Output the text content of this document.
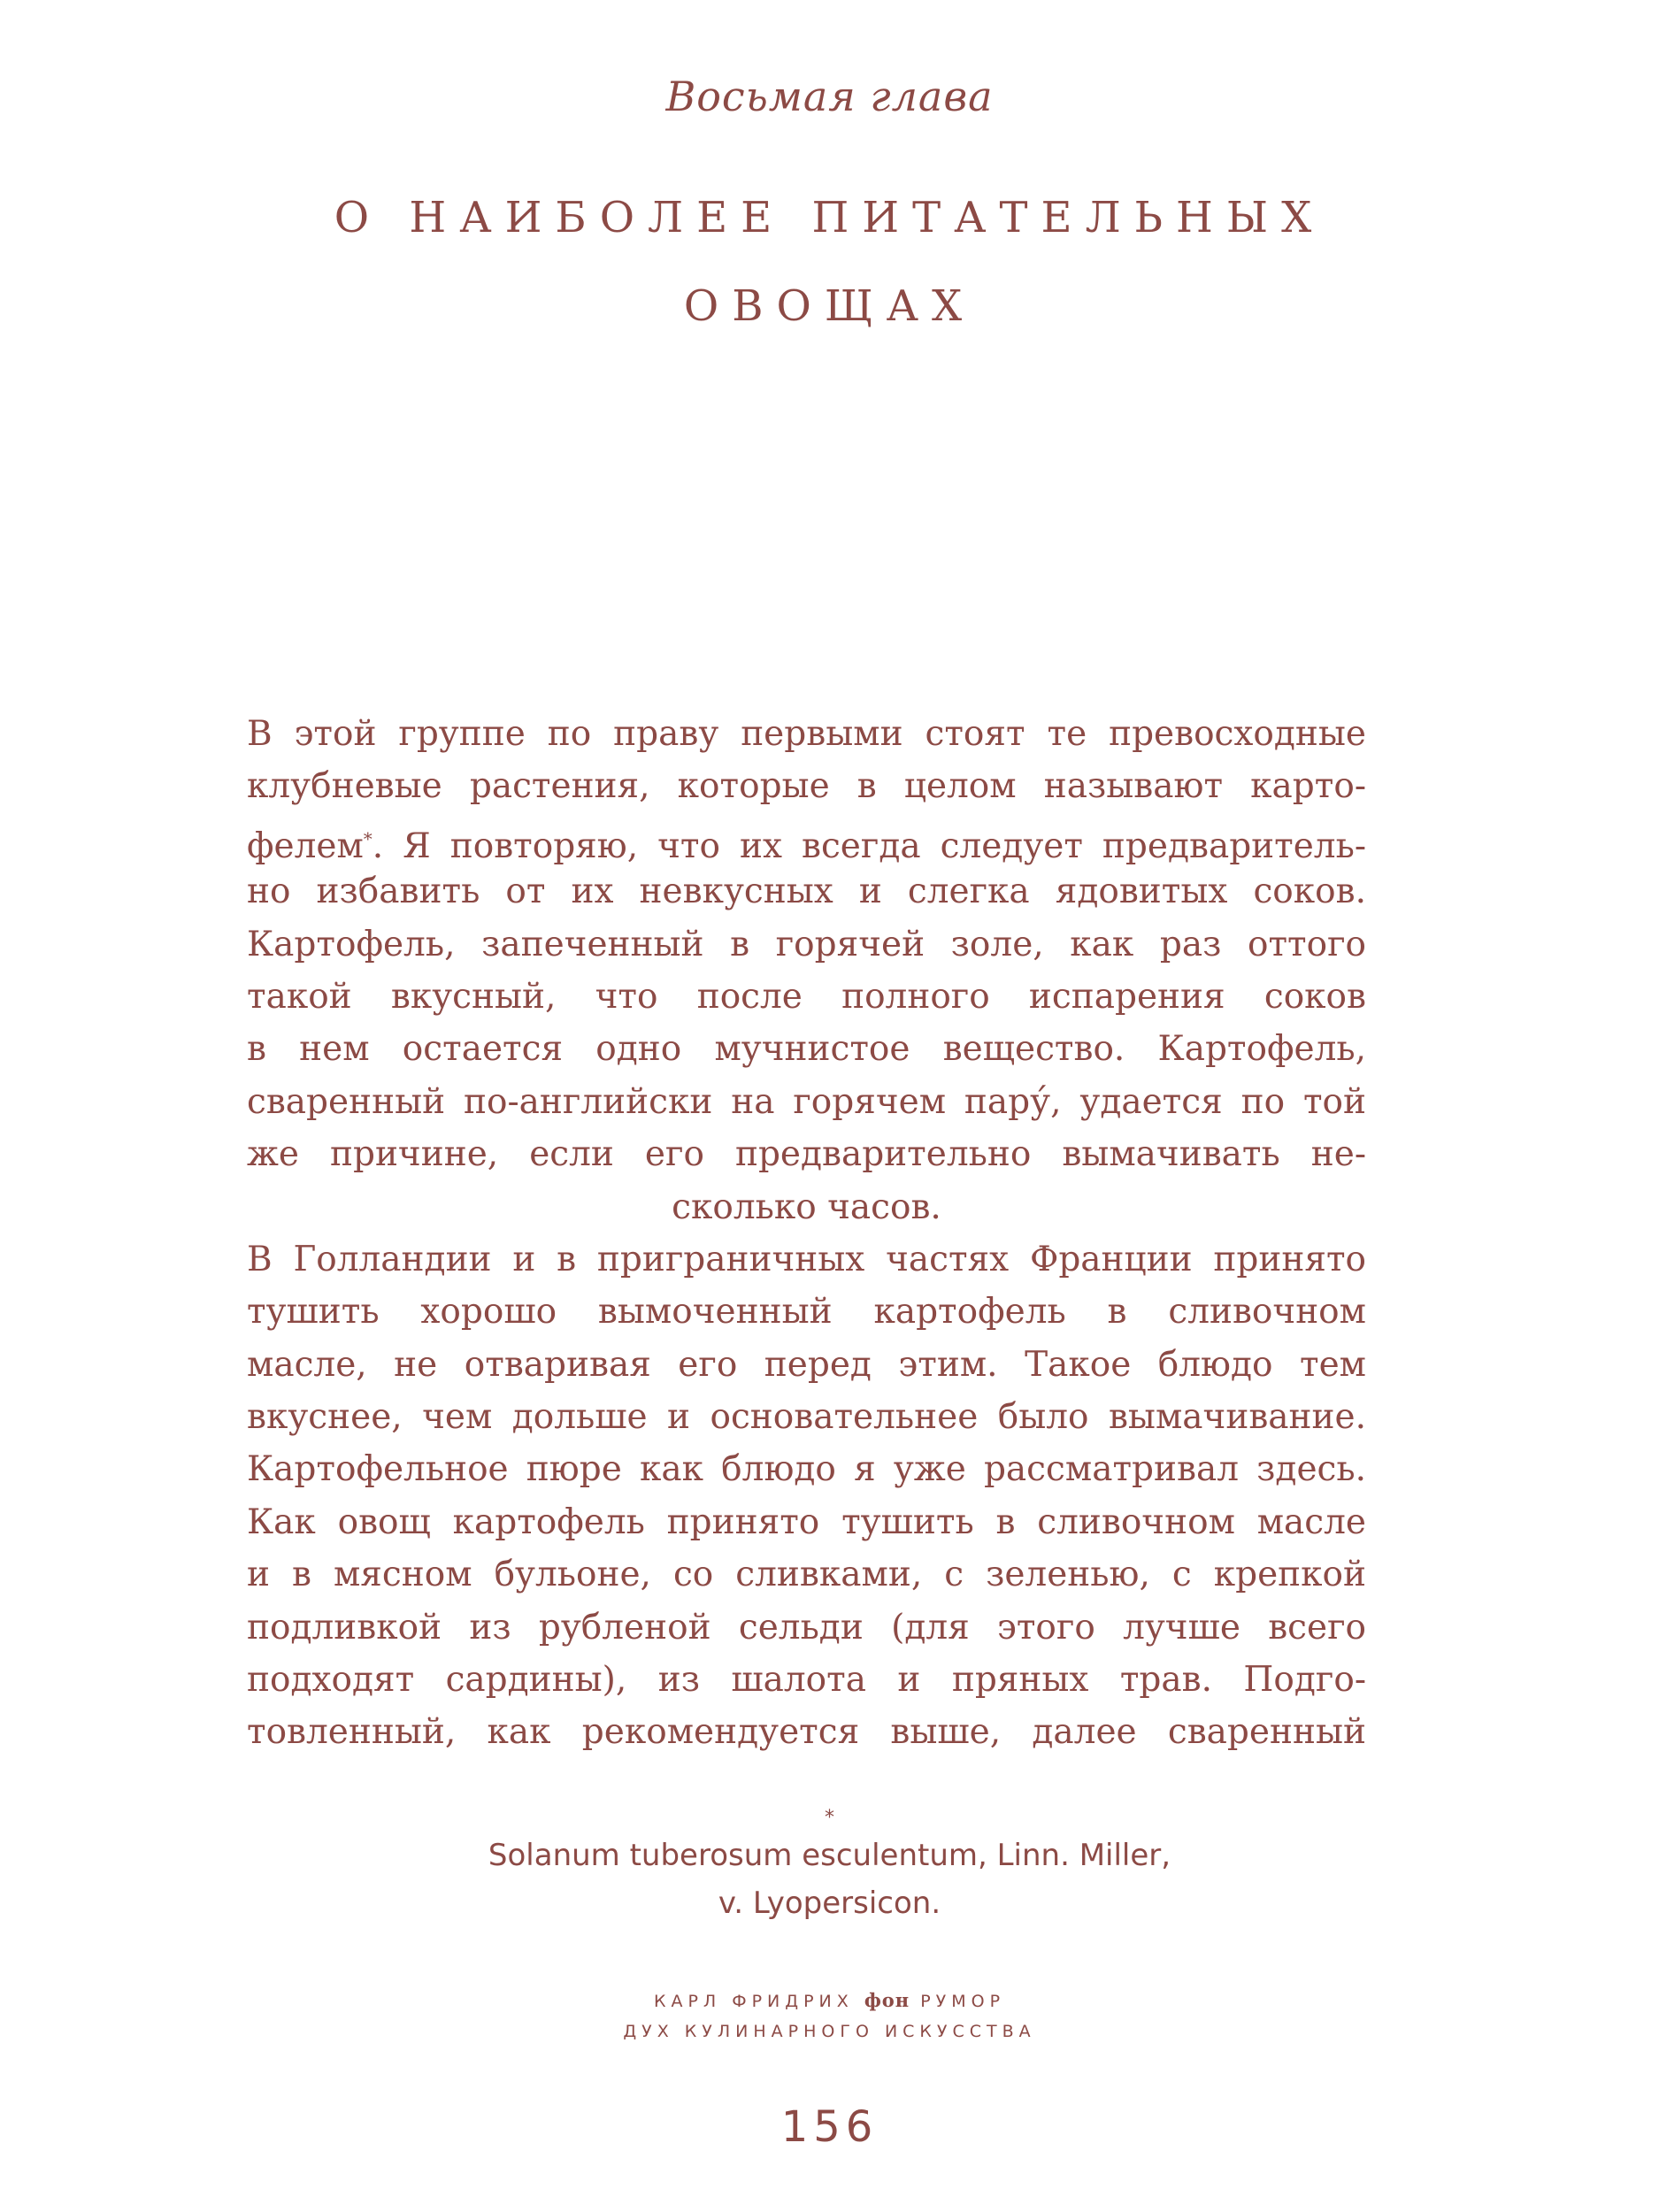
Восьмая глава
О НАИБОЛЕЕ ПИТАТЕЛЬНЫХ
ОВОЩАХ
В этой группе по праву первыми стоят те превосходные
клубневые растения, которые в целом называют карто-
фелем*. Я повторяю, что их всегда следует предваритель-
но избавить от их невкусных и слегка ядовитых соков.
Картофель, запеченный в горячей золе, как раз оттого
такой вкусный, что после полного испарения соков
в нем остается одно мучнистое вещество. Картофель,
сваренный по-английски на горячем пару́, удается по той
же причине, если его предварительно вымачивать не-
сколько часов.
В Голландии и в приграничных частях Франции принято
тушить хорошо вымоченный картофель в сливочном
масле, не отваривая его перед этим. Такое блюдо тем
вкуснее, чем дольше и основательнее было вымачивание.
Картофельное пюре как блюдо я уже рассматривал здесь.
Как овощ картофель принято тушить в сливочном масле
и в мясном бульоне, со сливками, с зеленью, с крепкой
подливкой из рубленой сельди (для этого лучше всего
подходят сардины), из шалота и пряных трав. Подго-
товленный, как рекомендуется выше, далее сваренный
*
Solanum tuberosum esculentum, Linn. Miller,
v. Lyopersicon.
КАРЛ ФРИДРИХ фон РУМОР
ДУХ КУЛИНАРНОГО ИСКУССТВА
156
